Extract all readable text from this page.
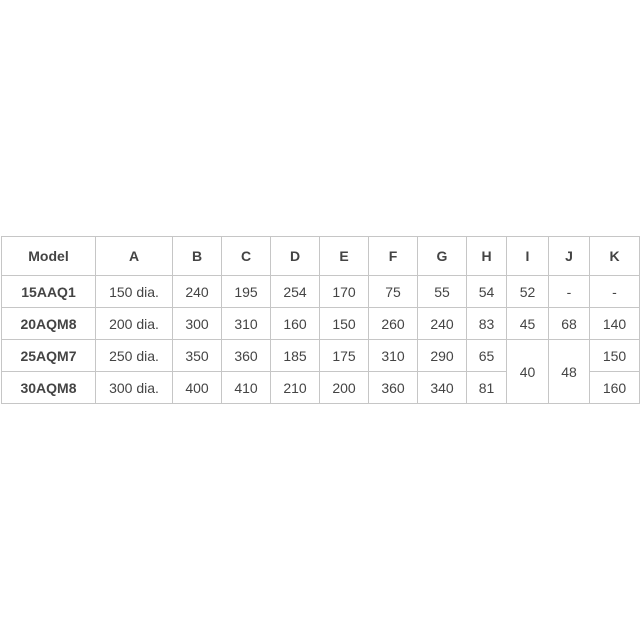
Model	A	B	C	D	E	F	G	H	I	J	K
15AAQ1	150 dia.	240	195	254	170	75	55	54	52	-	-
20AQM8	200 dia.	300	310	160	150	260	240	83	45	68	140
25AQM7	250 dia.	350	360	185	175	310	290	65	40	48	150
30AQM8	300 dia.	400	410	210	200	360	340	81			160
